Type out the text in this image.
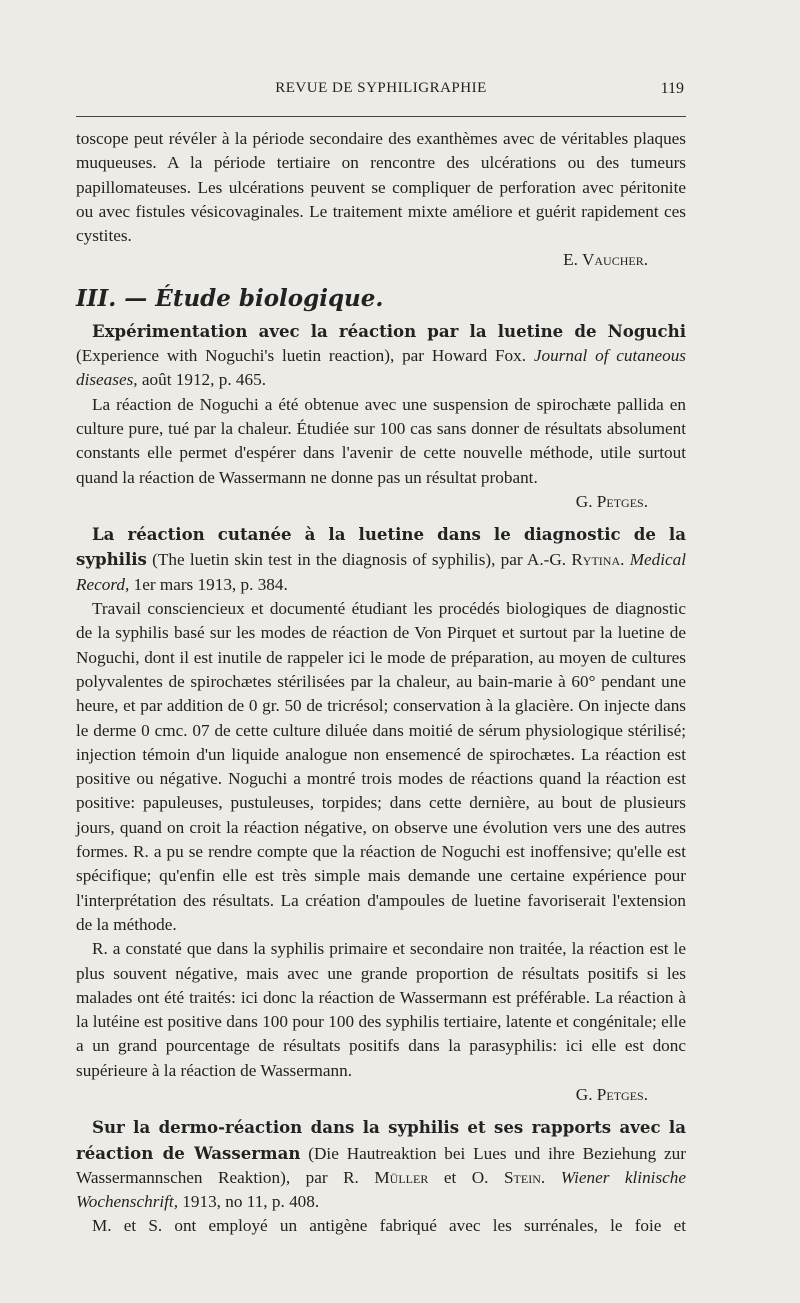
REVUE DE SYPHILIGRAPHIE	119

toscope peut révéler à la période secondaire des exanthèmes avec de véritables plaques muqueuses. A la période tertiaire on rencontre des ulcérations ou des tumeurs papillomateuses. Les ulcérations peuvent se compliquer de perforation avec péritonite ou avec fistules vésicovaginales. Le traitement mixte améliore et guérit rapidement ces cystites.

E. Vaucher.

III. — Étude biologique.

Expérimentation avec la réaction par la luetine de Noguchi (Experience with Noguchi's luetin reaction), par Howard Fox. Journal of cutaneous diseases, août 1912, p. 465.

La réaction de Noguchi a été obtenue avec une suspension de spirochæte pallida en culture pure, tué par la chaleur. Étudiée sur 100 cas sans donner de résultats absolument constants elle permet d'espérer dans l'avenir de cette nouvelle méthode, utile surtout quand la réaction de Wassermann ne donne pas un résultat probant.

G. Petges.

La réaction cutanée à la luetine dans le diagnostic de la syphilis (The luetin skin test in the diagnosis of syphilis), par A.-G. Rytina. Medical Record, 1er mars 1913, p. 384.

Travail consciencieux et documenté étudiant les procédés biologiques de diagnostic de la syphilis basé sur les modes de réaction de Von Pirquet et surtout par la luetine de Noguchi, dont il est inutile de rappeler ici le mode de préparation, au moyen de cultures polyvalentes de spirochætes stérilisées par la chaleur, au bain-marie à 60° pendant une heure, et par addition de 0 gr. 50 de tricrésol; conservation à la glacière. On injecte dans le derme 0 cmc. 07 de cette culture diluée dans moitié de sérum physiologique stérilisé; injection témoin d'un liquide analogue non ensemencé de spirochætes. La réaction est positive ou négative. Noguchi a montré trois modes de réactions quand la réaction est positive: papuleuses, pustuleuses, torpides; dans cette dernière, au bout de plusieurs jours, quand on croit la réaction négative, on observe une évolution vers une des autres formes. R. a pu se rendre compte que la réaction de Noguchi est inoffensive; qu'elle est spécifique; qu'enfin elle est très simple mais demande une certaine expérience pour l'interprétation des résultats. La création d'ampoules de luetine favoriserait l'extension de la méthode.

R. a constaté que dans la syphilis primaire et secondaire non traitée, la réaction est le plus souvent négative, mais avec une grande proportion de résultats positifs si les malades ont été traités: ici donc la réaction de Wassermann est préférable. La réaction à la lutéine est positive dans 100 pour 100 des syphilis tertiaire, latente et congénitale; elle a un grand pourcentage de résultats positifs dans la parasyphilis: ici elle est donc supérieure à la réaction de Wassermann.

G. Petges.

Sur la dermo-réaction dans la syphilis et ses rapports avec la réaction de Wasserman (Die Hautreaktion bei Lues und ihre Beziehung zur Wassermannschen Reaktion), par R. Müller et O. Stein. Wiener klinische Wochenschrift, 1913, no 11, p. 408.

M. et S. ont employé un antigène fabriqué avec les surrénales, le foie et
